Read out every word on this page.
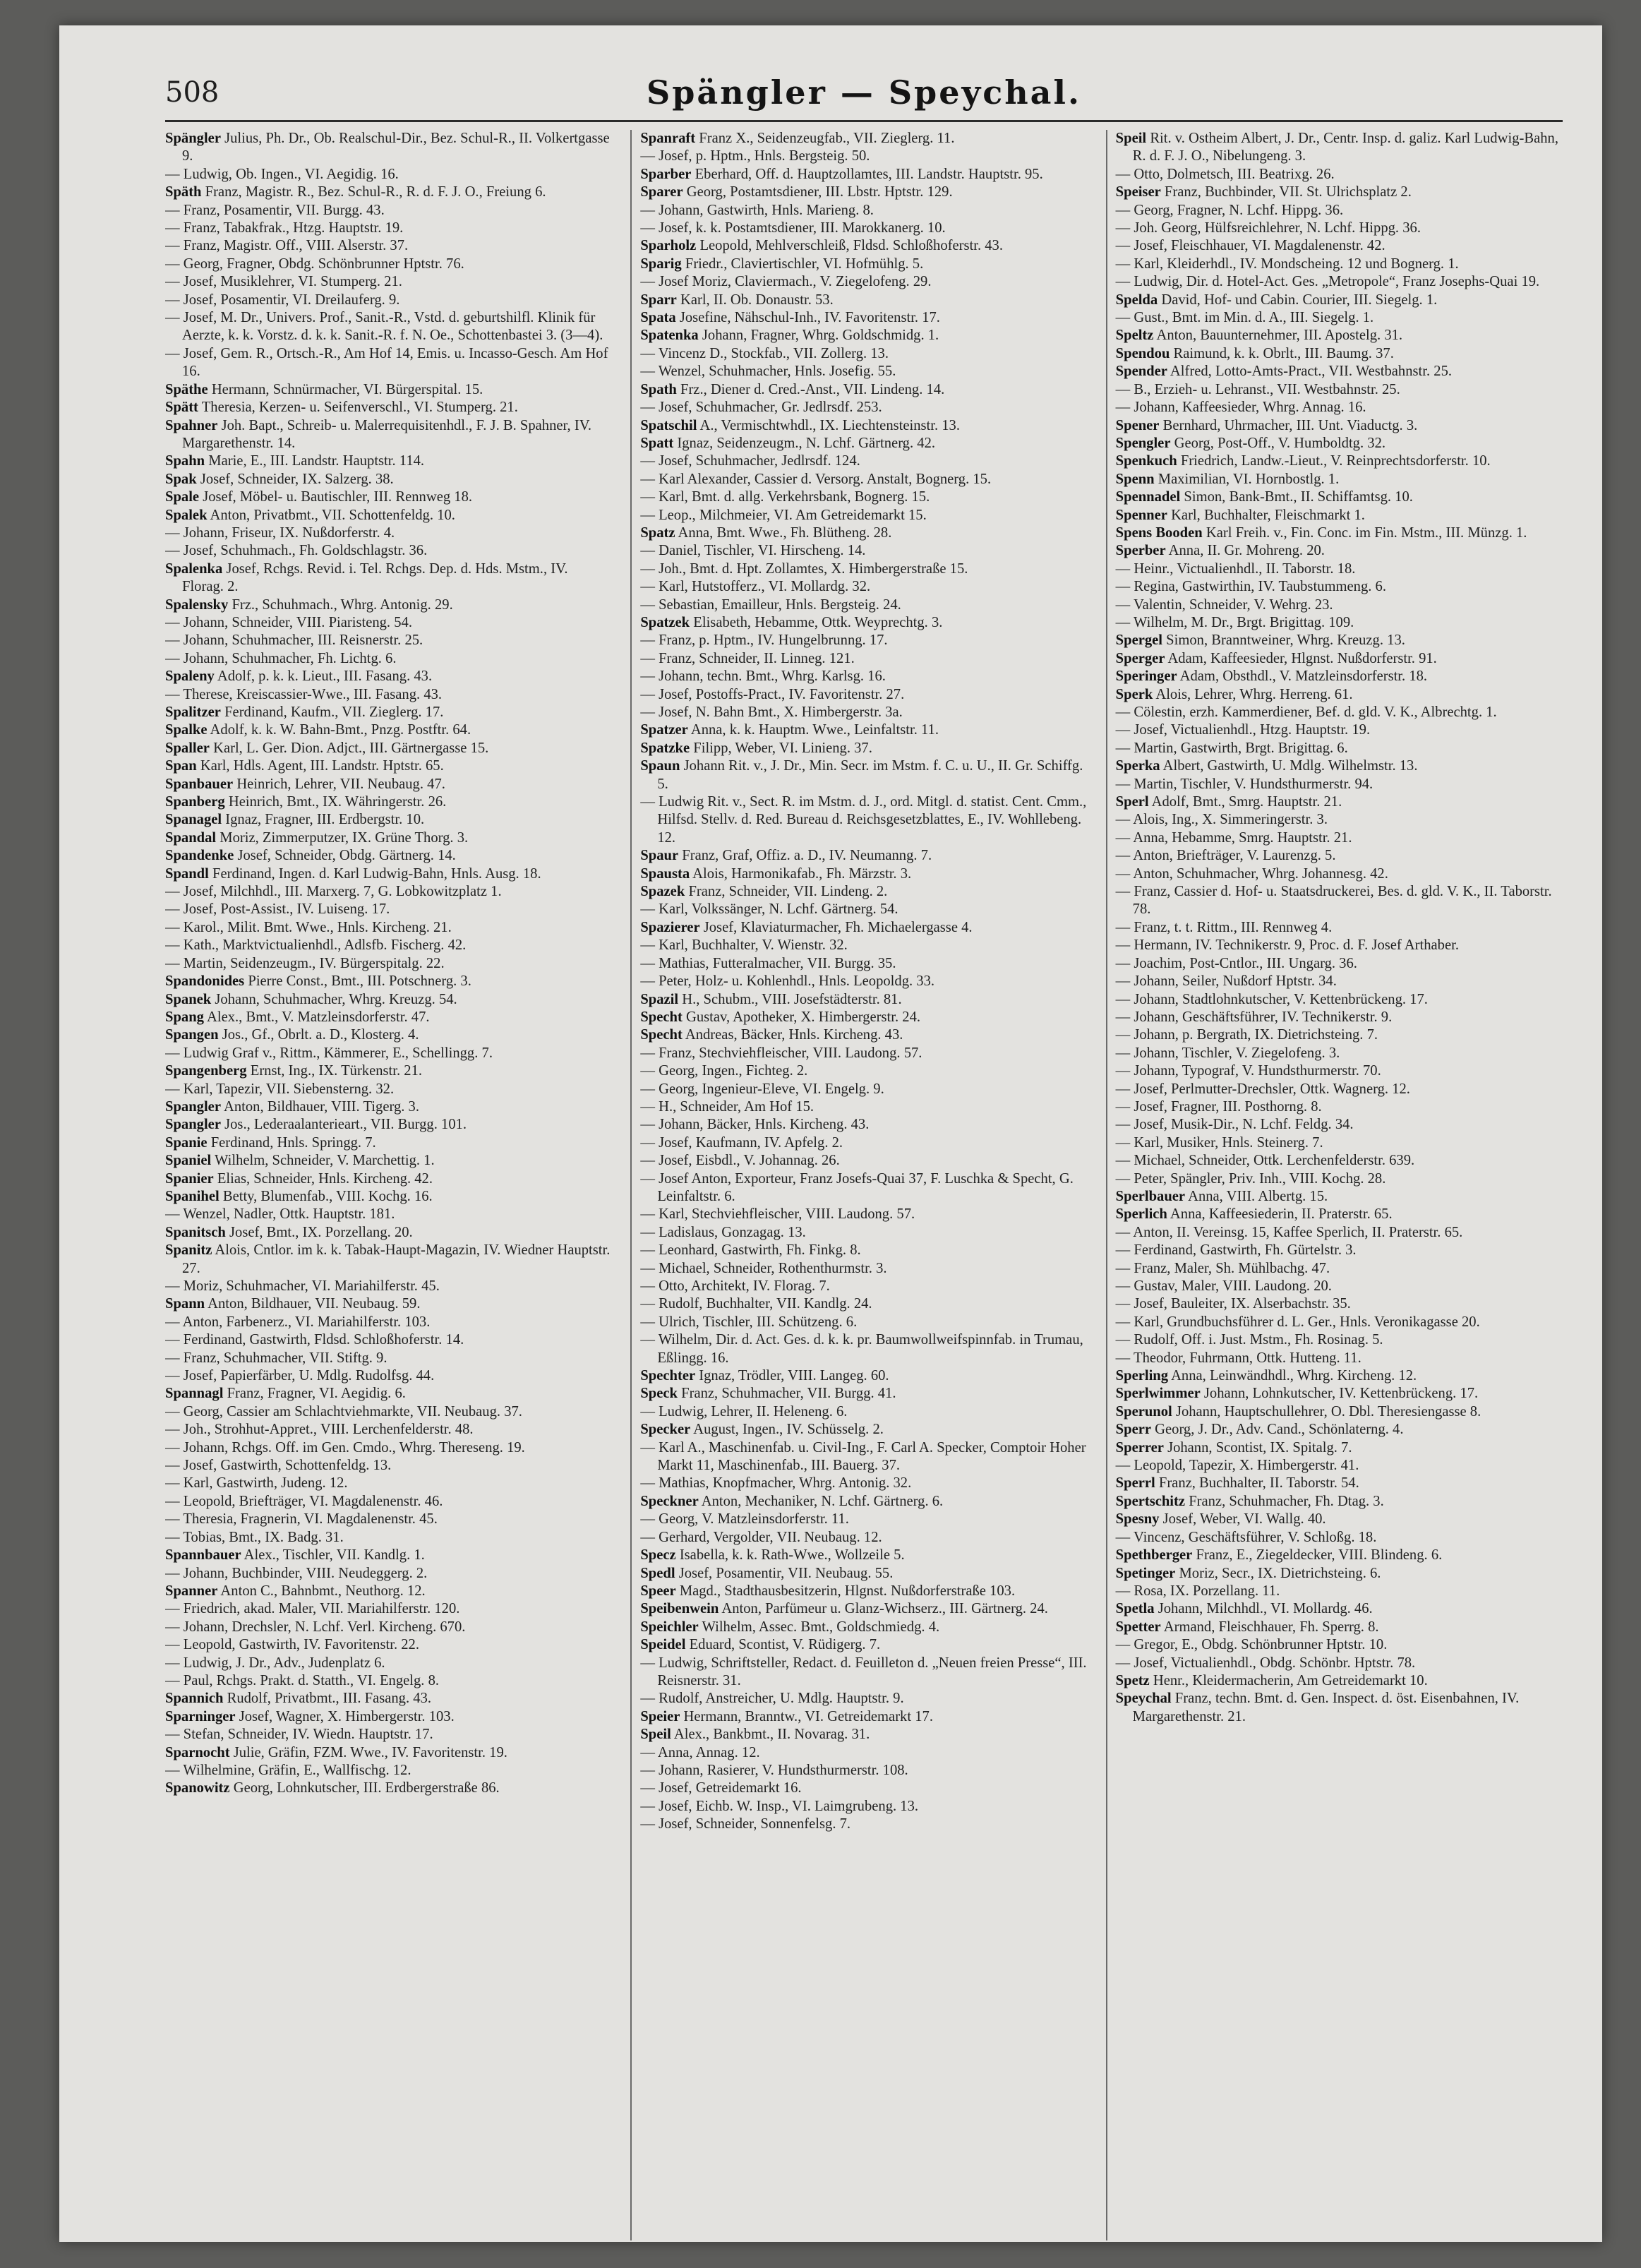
508	Spängler — Speychal.

Spängler Julius, Ph. Dr., Ob. Realschul-Dir., Bez. Schul-R., II. Volkertgasse 9.

— Ludwig, Ob. Ingen., VI. Aegidig. 16.

Späth Franz, Magistr. R., Bez. Schul-R., R. d. F. J. O., Freiung 6.

— Franz, Posamentir, VII. Burgg. 43.

— Franz, Tabakfrak., Htzg. Hauptstr. 19.

— Franz, Magistr. Off., VIII. Alserstr. 37.

— Georg, Fragner, Obdg. Schönbrunner Hptstr. 76.

— Josef, Musiklehrer, VI. Stumperg. 21.

— Josef, Posamentir, VI. Dreilauferg. 9.

— Josef, M. Dr., Univers. Prof., Sanit.-R., Vstd. d. geburtshilfl. Klinik für Aerzte, k. k. Vorstz. d. k. k. Sanit.-R. f. N. Oe., Schottenbastei 3. (3—4).

— Josef, Gem. R., Ortsch.-R., Am Hof 14, Emis. u. Incasso-Gesch. Am Hof 16.

Späthe Hermann, Schnürmacher, VI. Bürgerspital. 15.

Spätt Theresia, Kerzen- u. Seifenverschl., VI. Stumperg. 21.

Spahner Joh. Bapt., Schreib- u. Malerrequisitenhdl., F. J. B. Spahner, IV. Margarethenstr. 14.

Spahn Marie, E., III. Landstr. Hauptstr. 114.

Spak Josef, Schneider, IX. Salzerg. 38.

Spale Josef, Möbel- u. Bautischler, III. Rennweg 18.

Spalek Anton, Privatbmt., VII. Schottenfeldg. 10.

— Johann, Friseur, IX. Nußdorferstr. 4.

— Josef, Schuhmach., Fh. Goldschlagstr. 36.

Spalenka Josef, Rchgs. Revid. i. Tel. Rchgs. Dep. d. Hds. Mstm., IV. Florag. 2.

Spalensky Frz., Schuhmach., Whrg. Antonig. 29.

— Johann, Schneider, VIII. Piaristeng. 54.

— Johann, Schuhmacher, III. Reisnerstr. 25.

— Johann, Schuhmacher, Fh. Lichtg. 6.

Spaleny Adolf, p. k. k. Lieut., III. Fasang. 43.

— Therese, Kreiscassier-Wwe., III. Fasang. 43.

Spalitzer Ferdinand, Kaufm., VII. Zieglerg. 17.

Spalke Adolf, k. k. W. Bahn-Bmt., Pnzg. Postftr. 64.

Spaller Karl, L. Ger. Dion. Adjct., III. Gärtnergasse 15.

Span Karl, Hdls. Agent, III. Landstr. Hptstr. 65.

Spanbauer Heinrich, Lehrer, VII. Neubaug. 47.

Spanberg Heinrich, Bmt., IX. Währingerstr. 26.

Spanagel Ignaz, Fragner, III. Erdbergstr. 10.

Spandal Moriz, Zimmerputzer, IX. Grüne Thorg. 3.

Spandenke Josef, Schneider, Obdg. Gärtnerg. 14.

Spandl Ferdinand, Ingen. d. Karl Ludwig-Bahn, Hnls. Ausg. 18.

— Josef, Milchhdl., III. Marxerg. 7, G. Lobkowitzplatz 1.

— Josef, Post-Assist., IV. Luiseng. 17.

— Karol., Milit. Bmt. Wwe., Hnls. Kircheng. 21.

— Kath., Marktvictualienhdl., Adlsfb. Fischerg. 42.

— Martin, Seidenzeugm., IV. Bürgerspitalg. 22.

Spandonides Pierre Const., Bmt., III. Potschnerg. 3.

Spanek Johann, Schuhmacher, Whrg. Kreuzg. 54.

Spang Alex., Bmt., V. Matzleinsdorferstr. 47.

Spangen Jos., Gf., Obrlt. a. D., Klosterg. 4.

— Ludwig Graf v., Rittm., Kämmerer, E., Schellingg. 7.

Spangenberg Ernst, Ing., IX. Türkenstr. 21.

— Karl, Tapezir, VII. Siebensterng. 32.

Spangler Anton, Bildhauer, VIII. Tigerg. 3.

Spangler Jos., Lederaalanterieart., VII. Burgg. 101.

Spanie Ferdinand, Hnls. Springg. 7.

Spaniel Wilhelm, Schneider, V. Marchettig. 1.

Spanier Elias, Schneider, Hnls. Kircheng. 42.

Spanihel Betty, Blumenfab., VIII. Kochg. 16.

— Wenzel, Nadler, Ottk. Hauptstr. 181.

Spanitsch Josef, Bmt., IX. Porzellang. 20.

Spanitz Alois, Cntlor. im k. k. Tabak-Haupt-Magazin, IV. Wiedner Hauptstr. 27.

— Moriz, Schuhmacher, VI. Mariahilferstr. 45.

Spann Anton, Bildhauer, VII. Neubaug. 59.

— Anton, Farbenerz., VI. Mariahilferstr. 103.

— Ferdinand, Gastwirth, Fldsd. Schloßhoferstr. 14.

— Franz, Schuhmacher, VII. Stiftg. 9.

— Josef, Papierfärber, U. Mdlg. Rudolfsg. 44.

Spannagl Franz, Fragner, VI. Aegidig. 6.

— Georg, Cassier am Schlachtviehmarkte, VII. Neubaug. 37.

— Joh., Strohhut-Appret., VIII. Lerchenfelderstr. 48.

— Johann, Rchgs. Off. im Gen. Cmdo., Whrg. Thereseng. 19.

— Josef, Gastwirth, Schottenfeldg. 13.

— Karl, Gastwirth, Judeng. 12.

— Leopold, Briefträger, VI. Magdalenenstr. 46.

— Theresia, Fragnerin, VI. Magdalenenstr. 45.

— Tobias, Bmt., IX. Badg. 31.

Spannbauer Alex., Tischler, VII. Kandlg. 1.

— Johann, Buchbinder, VIII. Neudeggerg. 2.

Spanner Anton C., Bahnbmt., Neuthorg. 12.

— Friedrich, akad. Maler, VII. Mariahilferstr. 120.

— Johann, Drechsler, N. Lchf. Verl. Kircheng. 670.

— Leopold, Gastwirth, IV. Favoritenstr. 22.

— Ludwig, J. Dr., Adv., Judenplatz 6.

— Paul, Rchgs. Prakt. d. Statth., VI. Engelg. 8.

Spannich Rudolf, Privatbmt., III. Fasang. 43.

Sparninger Josef, Wagner, X. Himbergerstr. 103.

— Stefan, Schneider, IV. Wiedn. Hauptstr. 17.

Sparnocht Julie, Gräfin, FZM. Wwe., IV. Favoritenstr. 19.

— Wilhelmine, Gräfin, E., Wallfischg. 12.

Spanowitz Georg, Lohnkutscher, III. Erdbergerstraße 86.

Spanraft Franz X., Seidenzeugfab., VII. Zieglerg. 11.

— Josef, p. Hptm., Hnls. Bergsteig. 50.

Sparber Eberhard, Off. d. Hauptzollamtes, III. Landstr. Hauptstr. 95.

Sparer Georg, Postamtsdiener, III. Lbstr. Hptstr. 129.

— Johann, Gastwirth, Hnls. Marieng. 8.

— Josef, k. k. Postamtsdiener, III. Marokkanerg. 10.

Sparholz Leopold, Mehlverschleiß, Fldsd. Schloßhoferstr. 43.

Sparig Friedr., Claviertischler, VI. Hofmühlg. 5.

— Josef Moriz, Claviermach., V. Ziegelofeng. 29.

Sparr Karl, II. Ob. Donaustr. 53.

Spata Josefine, Nähschul-Inh., IV. Favoritenstr. 17.

Spatenka Johann, Fragner, Whrg. Goldschmidg. 1.

— Vincenz D., Stockfab., VII. Zollerg. 13.

— Wenzel, Schuhmacher, Hnls. Josefig. 55.

Spath Frz., Diener d. Cred.-Anst., VII. Lindeng. 14.

— Josef, Schuhmacher, Gr. Jedlrsdf. 253.

Spatschil A., Vermischtwhdl., IX. Liechtensteinstr. 13.

Spatt Ignaz, Seidenzeugm., N. Lchf. Gärtnerg. 42.

— Josef, Schuhmacher, Jedlrsdf. 124.

— Karl Alexander, Cassier d. Versorg. Anstalt, Bognerg. 15.

— Karl, Bmt. d. allg. Verkehrsbank, Bognerg. 15.

— Leop., Milchmeier, VI. Am Getreidemarkt 15.

Spatz Anna, Bmt. Wwe., Fh. Blütheng. 28.

— Daniel, Tischler, VI. Hirscheng. 14.

— Joh., Bmt. d. Hpt. Zollamtes, X. Himbergerstraße 15.

— Karl, Hutstofferz., VI. Mollardg. 32.

— Sebastian, Emailleur, Hnls. Bergsteig. 24.

Spatzek Elisabeth, Hebamme, Ottk. Weyprechtg. 3.

— Franz, p. Hptm., IV. Hungelbrunng. 17.

— Franz, Schneider, II. Linneg. 121.

— Johann, techn. Bmt., Whrg. Karlsg. 16.

— Josef, Postoffs-Pract., IV. Favoritenstr. 27.

— Josef, N. Bahn Bmt., X. Himbergerstr. 3a.

Spatzer Anna, k. k. Hauptm. Wwe., Leinfaltstr. 11.

Spatzke Filipp, Weber, VI. Linieng. 37.

Spaun Johann Rit. v., J. Dr., Min. Secr. im Mstm. f. C. u. U., II. Gr. Schiffg. 5.

— Ludwig Rit. v., Sect. R. im Mstm. d. J., ord. Mitgl. d. statist. Cent. Cmm., Hilfsd. Stellv. d. Red. Bureau d. Reichsgesetzblattes, E., IV. Wohllebeng. 12.

Spaur Franz, Graf, Offiz. a. D., IV. Neumanng. 7.

Spausta Alois, Harmonikafab., Fh. Märzstr. 3.

Spazek Franz, Schneider, VII. Lindeng. 2.

— Karl, Volkssänger, N. Lchf. Gärtnerg. 54.

Spazierer Josef, Klaviaturmacher, Fh. Michaelergasse 4.

— Karl, Buchhalter, V. Wienstr. 32.

— Mathias, Futteralmacher, VII. Burgg. 35.

— Peter, Holz- u. Kohlenhdl., Hnls. Leopoldg. 33.

Spazil H., Schubm., VIII. Josefstädterstr. 81.

Specht Gustav, Apotheker, X. Himbergerstr. 24.

Specht Andreas, Bäcker, Hnls. Kircheng. 43.

— Franz, Stechviehfleischer, VIII. Laudong. 57.

— Georg, Ingen., Fichteg. 2.

— Georg, Ingenieur-Eleve, VI. Engelg. 9.

— H., Schneider, Am Hof 15.

— Johann, Bäcker, Hnls. Kircheng. 43.

— Josef, Kaufmann, IV. Apfelg. 2.

— Josef, Eisbdl., V. Johannag. 26.

— Josef Anton, Exporteur, Franz Josefs-Quai 37, F. Luschka & Specht, G. Leinfaltstr. 6.

— Karl, Stechviehfleischer, VIII. Laudong. 57.

— Ladislaus, Gonzagag. 13.

— Leonhard, Gastwirth, Fh. Finkg. 8.

— Michael, Schneider, Rothenthurmstr. 3.

— Otto, Architekt, IV. Florag. 7.

— Rudolf, Buchhalter, VII. Kandlg. 24.

— Ulrich, Tischler, III. Schützeng. 6.

— Wilhelm, Dir. d. Act. Ges. d. k. k. pr. Baumwollweifspinnfab. in Trumau, Eßlingg. 16.

Spechter Ignaz, Trödler, VIII. Langeg. 60.

Speck Franz, Schuhmacher, VII. Burgg. 41.

— Ludwig, Lehrer, II. Heleneng. 6.

Specker August, Ingen., IV. Schüsselg. 2.

— Karl A., Maschinenfab. u. Civil-Ing., F. Carl A. Specker, Comptoir Hoher Markt 11, Maschinenfab., III. Bauerg. 37.

— Mathias, Knopfmacher, Whrg. Antonig. 32.

Speckner Anton, Mechaniker, N. Lchf. Gärtnerg. 6.

— Georg, V. Matzleinsdorferstr. 11.

— Gerhard, Vergolder, VII. Neubaug. 12.

Specz Isabella, k. k. Rath-Wwe., Wollzeile 5.

Spedl Josef, Posamentir, VII. Neubaug. 55.

Speer Magd., Stadthausbesitzerin, Hlgnst. Nußdorferstraße 103.

Speibenwein Anton, Parfümeur u. Glanz-Wichserz., III. Gärtnerg. 24.

Speichler Wilhelm, Assec. Bmt., Goldschmiedg. 4.

Speidel Eduard, Scontist, V. Rüdigerg. 7.

— Ludwig, Schriftsteller, Redact. d. Feuilleton d. „Neuen freien Presse“, III. Reisnerstr. 31.

— Rudolf, Anstreicher, U. Mdlg. Hauptstr. 9.

Speier Hermann, Branntw., VI. Getreidemarkt 17.

Speil Alex., Bankbmt., II. Novarag. 31.

— Anna, Annag. 12.

— Johann, Rasierer, V. Hundsthurmerstr. 108.

— Josef, Getreidemarkt 16.

— Josef, Eichb. W. Insp., VI. Laimgrubeng. 13.

— Josef, Schneider, Sonnenfelsg. 7.

Speil Rit. v. Ostheim Albert, J. Dr., Centr. Insp. d. galiz. Karl Ludwig-Bahn, R. d. F. J. O., Nibelungeng. 3.

— Otto, Dolmetsch, III. Beatrixg. 26.

Speiser Franz, Buchbinder, VII. St. Ulrichsplatz 2.

— Georg, Fragner, N. Lchf. Hippg. 36.

— Joh. Georg, Hülfsreichlehrer, N. Lchf. Hippg. 36.

— Josef, Fleischhauer, VI. Magdalenenstr. 42.

— Karl, Kleiderhdl., IV. Mondscheing. 12 und Bognerg. 1.

— Ludwig, Dir. d. Hotel-Act. Ges. „Metropole“, Franz Josephs-Quai 19.

Spelda David, Hof- und Cabin. Courier, III. Siegelg. 1.

— Gust., Bmt. im Min. d. A., III. Siegelg. 1.

Speltz Anton, Bauunternehmer, III. Apostelg. 31.

Spendou Raimund, k. k. Obrlt., III. Baumg. 37.

Spender Alfred, Lotto-Amts-Pract., VII. Westbahnstr. 25.

— B., Erzieh- u. Lehranst., VII. Westbahnstr. 25.

— Johann, Kaffeesieder, Whrg. Annag. 16.

Spener Bernhard, Uhrmacher, III. Unt. Viaductg. 3.

Spengler Georg, Post-Off., V. Humboldtg. 32.

Spenkuch Friedrich, Landw.-Lieut., V. Reinprechtsdorferstr. 10.

Spenn Maximilian, VI. Hornbostlg. 1.

Spennadel Simon, Bank-Bmt., II. Schiffamtsg. 10.

Spenner Karl, Buchhalter, Fleischmarkt 1.

Spens Booden Karl Freih. v., Fin. Conc. im Fin. Mstm., III. Münzg. 1.

Sperber Anna, II. Gr. Mohreng. 20.

— Heinr., Victualienhdl., II. Taborstr. 18.

— Regina, Gastwirthin, IV. Taubstummeng. 6.

— Valentin, Schneider, V. Wehrg. 23.

— Wilhelm, M. Dr., Brgt. Brigittag. 109.

Spergel Simon, Branntweiner, Whrg. Kreuzg. 13.

Sperger Adam, Kaffeesieder, Hlgnst. Nußdorferstr. 91.

Speringer Adam, Obsthdl., V. Matzleinsdorferstr. 18.

Sperk Alois, Lehrer, Whrg. Herreng. 61.

— Cölestin, erzh. Kammerdiener, Bef. d. gld. V. K., Albrechtg. 1.

— Josef, Victualienhdl., Htzg. Hauptstr. 19.

— Martin, Gastwirth, Brgt. Brigittag. 6.

Sperka Albert, Gastwirth, U. Mdlg. Wilhelmstr. 13.

— Martin, Tischler, V. Hundsthurmerstr. 94.

Sperl Adolf, Bmt., Smrg. Hauptstr. 21.

— Alois, Ing., X. Simmeringerstr. 3.

— Anna, Hebamme, Smrg. Hauptstr. 21.

— Anton, Briefträger, V. Laurenzg. 5.

— Anton, Schuhmacher, Whrg. Johannesg. 42.

— Franz, Cassier d. Hof- u. Staatsdruckerei, Bes. d. gld. V. K., II. Taborstr. 78.

— Franz, t. t. Rittm., III. Rennweg 4.

— Hermann, IV. Technikerstr. 9, Proc. d. F. Josef Arthaber.

— Joachim, Post-Cntlor., III. Ungarg. 36.

— Johann, Seiler, Nußdorf Hptstr. 34.

— Johann, Stadtlohnkutscher, V. Kettenbrückeng. 17.

— Johann, Geschäftsführer, IV. Technikerstr. 9.

— Johann, p. Bergrath, IX. Dietrichsteing. 7.

— Johann, Tischler, V. Ziegelofeng. 3.

— Johann, Typograf, V. Hundsthurmerstr. 70.

— Josef, Perlmutter-Drechsler, Ottk. Wagnerg. 12.

— Josef, Fragner, III. Posthorng. 8.

— Josef, Musik-Dir., N. Lchf. Feldg. 34.

— Karl, Musiker, Hnls. Steinerg. 7.

— Michael, Schneider, Ottk. Lerchenfelderstr. 639.

— Peter, Spängler, Priv. Inh., VIII. Kochg. 28.

Sperlbauer Anna, VIII. Albertg. 15.

Sperlich Anna, Kaffeesiederin, II. Praterstr. 65.

— Anton, II. Vereinsg. 15, Kaffee Sperlich, II. Praterstr. 65.

— Ferdinand, Gastwirth, Fh. Gürtelstr. 3.

— Franz, Maler, Sh. Mühlbachg. 47.

— Gustav, Maler, VIII. Laudong. 20.

— Josef, Bauleiter, IX. Alserbachstr. 35.

— Karl, Grundbuchsführer d. L. Ger., Hnls. Veronikagasse 20.

— Rudolf, Off. i. Just. Mstm., Fh. Rosinag. 5.

— Theodor, Fuhrmann, Ottk. Hutteng. 11.

Sperling Anna, Leinwändhdl., Whrg. Kircheng. 12.

Sperlwimmer Johann, Lohnkutscher, IV. Kettenbrückeng. 17.

Sperunol Johann, Hauptschullehrer, O. Dbl. Theresiengasse 8.

Sperr Georg, J. Dr., Adv. Cand., Schönlaterng. 4.

Sperrer Johann, Scontist, IX. Spitalg. 7.

— Leopold, Tapezir, X. Himbergerstr. 41.

Sperrl Franz, Buchhalter, II. Taborstr. 54.

Spertschitz Franz, Schuhmacher, Fh. Dtag. 3.

Spesny Josef, Weber, VI. Wallg. 40.

— Vincenz, Geschäftsführer, V. Schloßg. 18.

Spethberger Franz, E., Ziegeldecker, VIII. Blindeng. 6.

Spetinger Moriz, Secr., IX. Dietrichsteing. 6.

— Rosa, IX. Porzellang. 11.

Spetla Johann, Milchhdl., VI. Mollardg. 46.

Spetter Armand, Fleischhauer, Fh. Sperrg. 8.

— Gregor, E., Obdg. Schönbrunner Hptstr. 10.

— Josef, Victualienhdl., Obdg. Schönbr. Hptstr. 78.

Spetz Henr., Kleidermacherin, Am Getreidemarkt 10.

Speychal Franz, techn. Bmt. d. Gen. Inspect. d. öst. Eisenbahnen, IV. Margarethenstr. 21.
